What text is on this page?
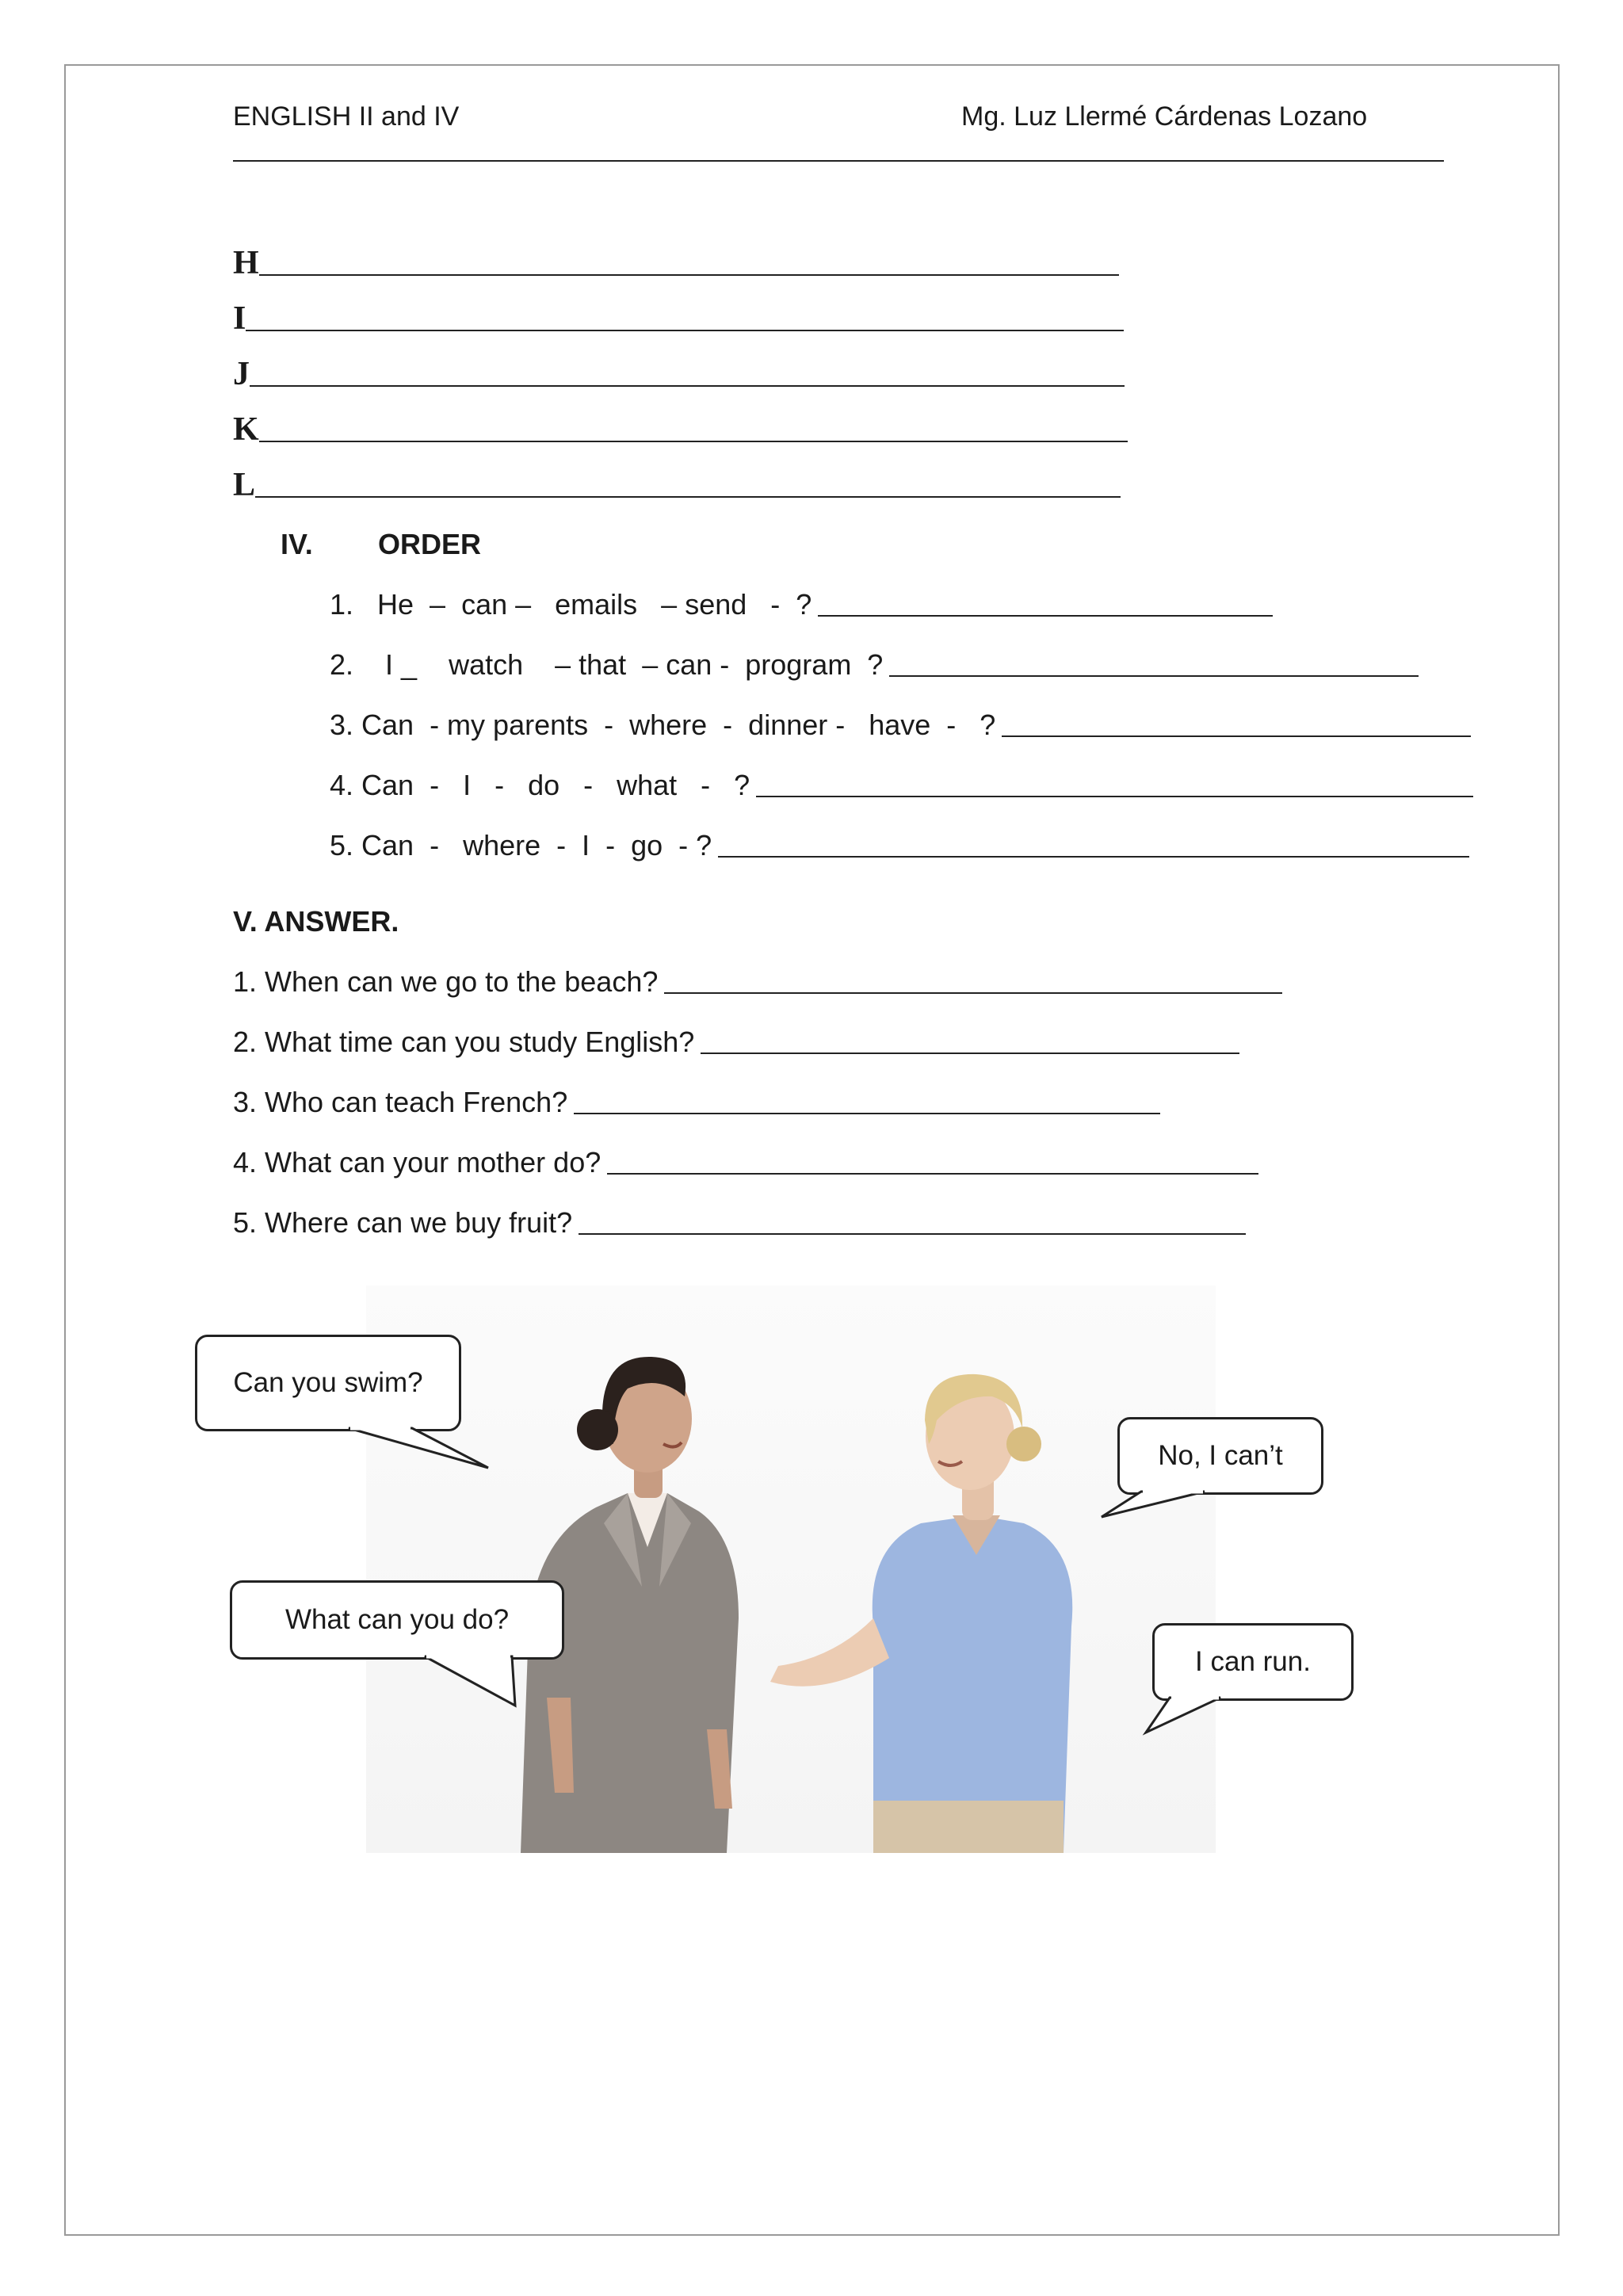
ENGLISH II and IV	Mg. Luz Llermé Cárdenas Lozano
H
I
J
K
L
IV. ORDER
1.   He  –  can –   emails   – send   -  ?
2.    I _    watch    – that  – can -  program  ?
3. Can  - my parents  -  where  -  dinner -   have  -   ?
4. Can  -   I   -   do   -   what   -   ?
5. Can  -   where  -  I  -  go  - ?
V. ANSWER.
1. When can we go to the beach?
2. What time can you study English?
3. Who can teach French?
4. What can your mother do?
5. Where can we buy fruit?
Can you swim?
No, I can’t
What can you do?
I can run.
